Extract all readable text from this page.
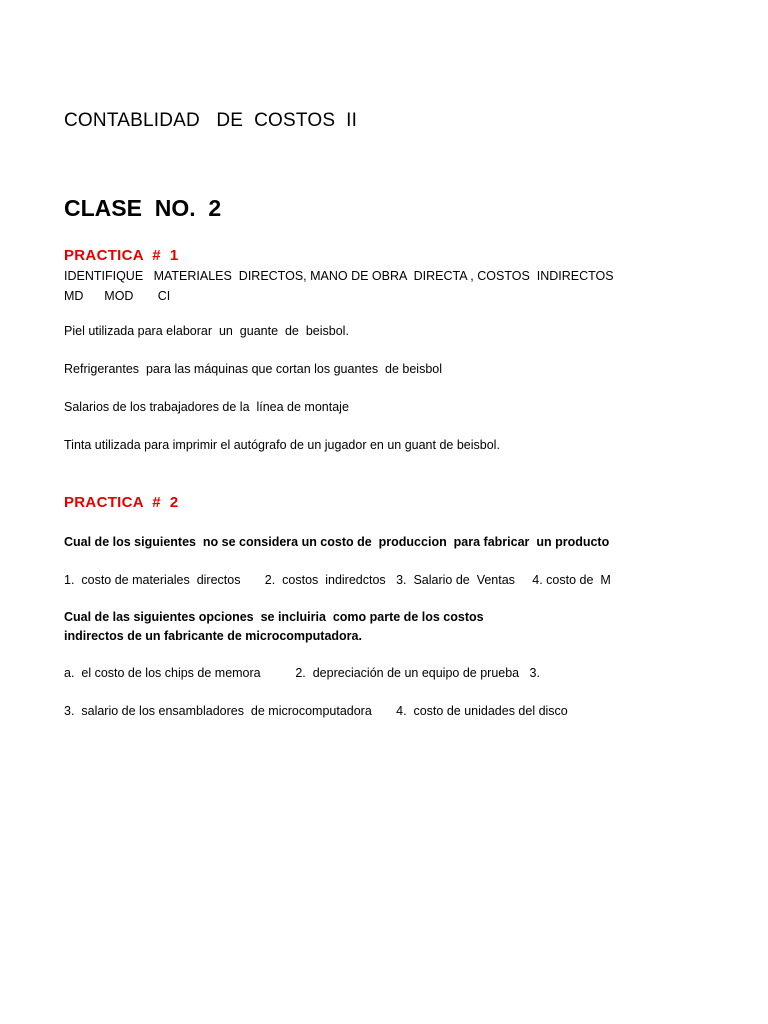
CONTABLIDAD   DE  COSTOS  II
CLASE  NO.  2
PRACTICA  #  1
IDENTIFIQUE   MATERIALES  DIRECTOS, MANO DE OBRA  DIRECTA , COSTOS  INDIRECTOS
MD      MOD       CI
Piel utilizada para elaborar  un  guante  de  beisbol.
Refrigerantes  para las máquinas que cortan los guantes  de beisbol
Salarios de los trabajadores de la  línea de montaje
Tinta utilizada para imprimir el autógrafo de un jugador en un guant de beisbol.
PRACTICA  #  2
Cual de los siguientes  no se considera un costo de  produccion  para fabricar  un producto
1.  costo de materiales  directos       2.  costos  indiredctos   3.  Salario de  Ventas     4. costo de  M
Cual de las siguientes opciones  se incluiria  como parte de los costos
indirectos de un fabricante de microcomputadora.
a.  el costo de los chips de memora          2.  depreciación de un equipo de prueba   3.
3.  salario de los ensambladores  de microcomputadora       4.  costo de unidades del disco
